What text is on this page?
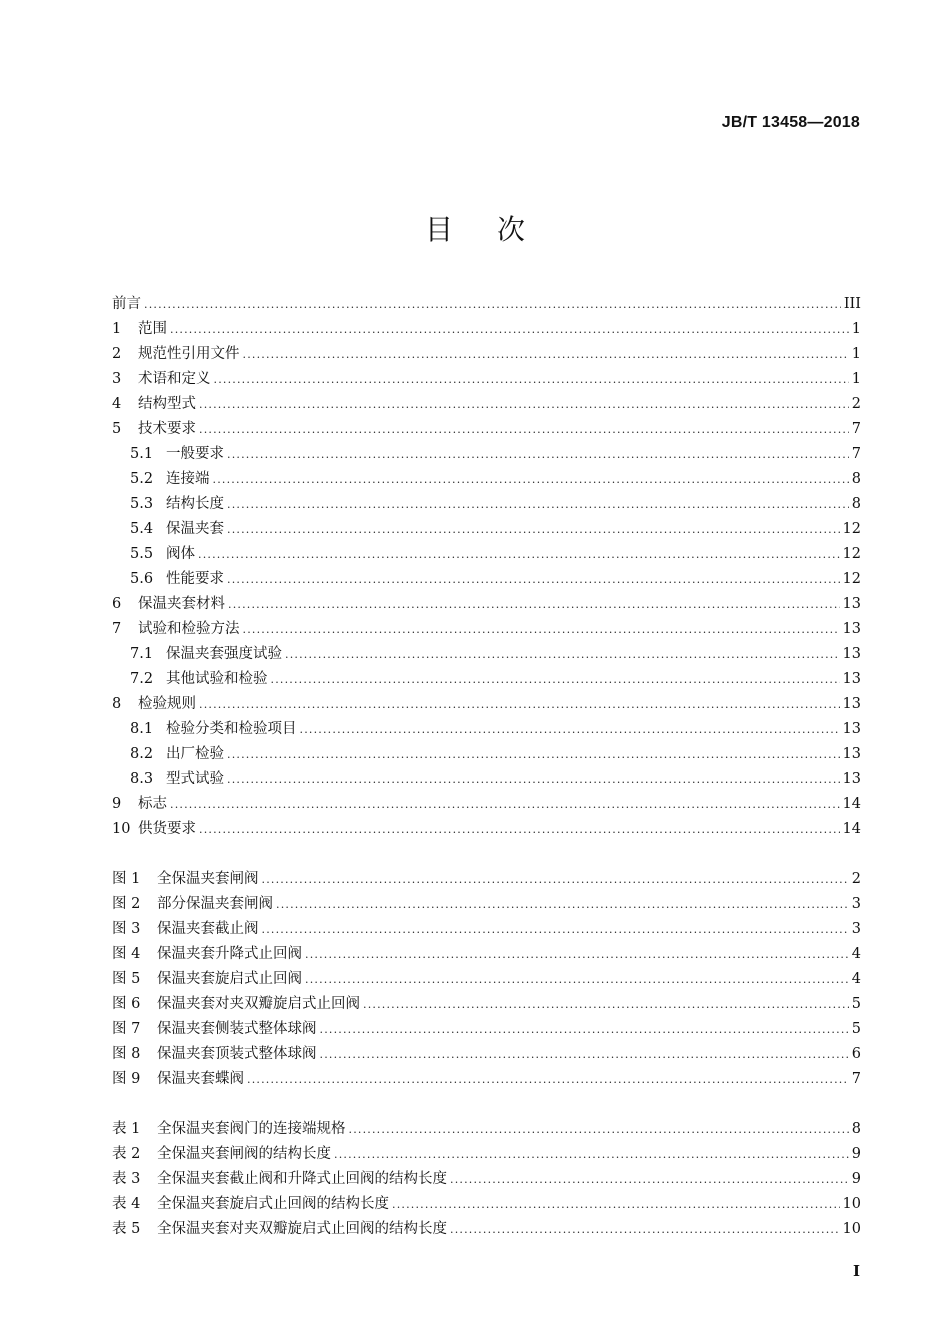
JB/T 13458—2018
目次
前言 .....	III
1	范围 .....	1
2	规范性引用文件 .....	1
3	术语和定义 .....	1
4	结构型式 .....	2
5	技术要求 .....	7
5.1 一般要求 .....	7
5.2 连接端 .....	8
5.3 结构长度 .....	8
5.4 保温夹套 .....	12
5.5 阀体 .....	12
5.6 性能要求 .....	12
6	保温夹套材料 .....	13
7	试验和检验方法 .....	13
7.1 保温夹套强度试验 .....	13
7.2 其他试验和检验 .....	13
8	检验规则 .....	13
8.1 检验分类和检验项目 .....	13
8.2 出厂检验 .....	13
8.3 型式试验 .....	13
9	标志 .....	14
10 供货要求 .....	14
图 1	全保温夹套闸阀 .....	2
图 2	部分保温夹套闸阀 .....	3
图 3	保温夹套截止阀 .....	3
图 4	保温夹套升降式止回阀 .....	4
图 5	保温夹套旋启式止回阀 .....	4
图 6	保温夹套对夹双瓣旋启式止回阀 .....	5
图 7	保温夹套侧装式整体球阀 .....	5
图 8	保温夹套顶装式整体球阀 .....	6
图 9	保温夹套蝶阀 .....	7
表 1	全保温夹套阀门的连接端规格 .....	8
表 2	全保温夹套闸阀的结构长度 .....	9
表 3	全保温夹套截止阀和升降式止回阀的结构长度 .....	9
表 4	全保温夹套旋启式止回阀的结构长度 .....	10
表 5	全保温夹套对夹双瓣旋启式止回阀的结构长度 .....	10
I
